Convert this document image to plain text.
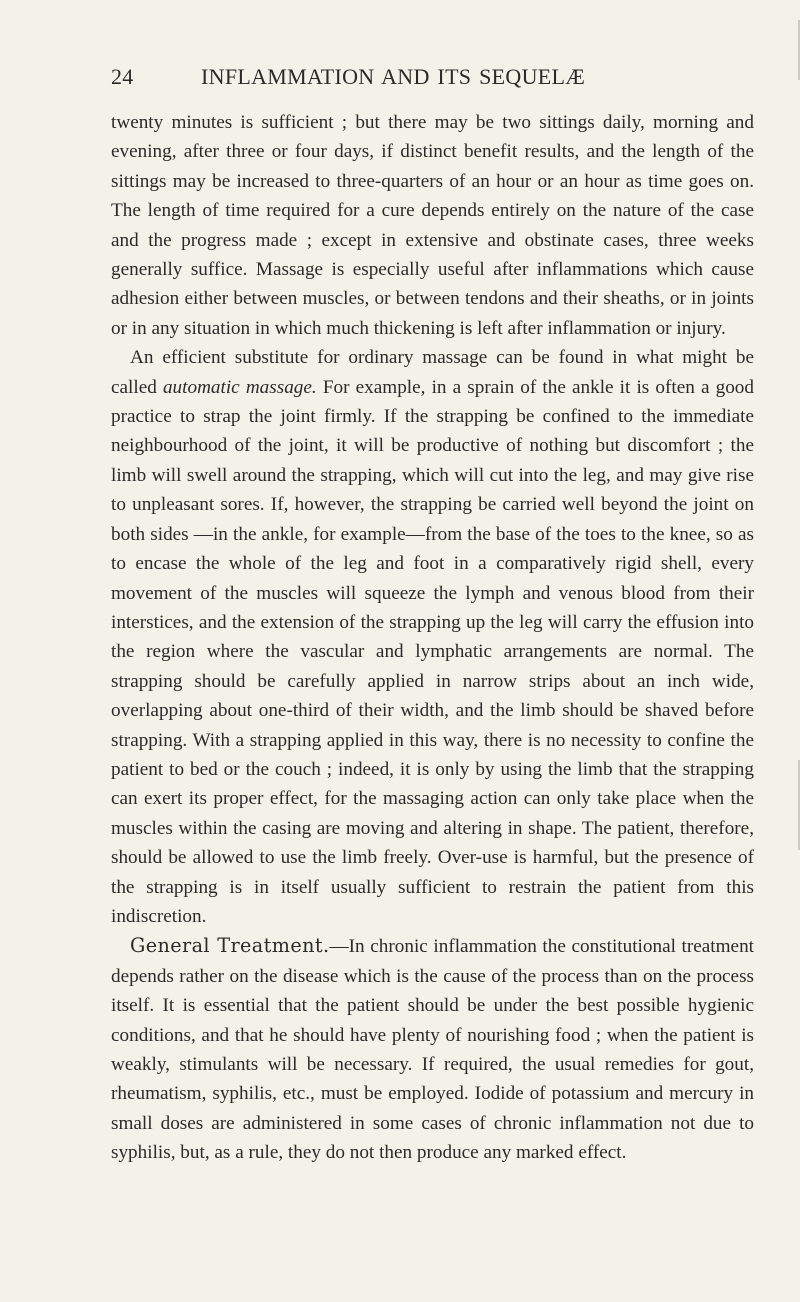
24	INFLAMMATION AND ITS SEQUELÆ

twenty minutes is sufficient ; but there may be two sittings daily, morning and evening, after three or four days, if distinct benefit results, and the length of the sittings may be increased to three-quarters of an hour or an hour as time goes on. The length of time required for a cure depends entirely on the nature of the case and the progress made ; except in extensive and obstinate cases, three weeks generally suffice. Massage is especially useful after inflammations which cause adhesion either between muscles, or between tendons and their sheaths, or in joints or in any situation in which much thickening is left after inflammation or injury.

An efficient substitute for ordinary massage can be found in what might be called automatic massage. For example, in a sprain of the ankle it is often a good practice to strap the joint firmly. If the strapping be confined to the immediate neighbourhood of the joint, it will be productive of nothing but discomfort ; the limb will swell around the strapping, which will cut into the leg, and may give rise to unpleasant sores. If, however, the strapping be carried well beyond the joint on both sides —in the ankle, for example—from the base of the toes to the knee, so as to encase the whole of the leg and foot in a comparatively rigid shell, every movement of the muscles will squeeze the lymph and venous blood from their interstices, and the extension of the strapping up the leg will carry the effusion into the region where the vascular and lymphatic arrangements are normal. The strapping should be carefully applied in narrow strips about an inch wide, overlapping about one-third of their width, and the limb should be shaved before strapping. With a strapping applied in this way, there is no necessity to confine the patient to bed or the couch ; indeed, it is only by using the limb that the strapping can exert its proper effect, for the massaging action can only take place when the muscles within the casing are moving and altering in shape. The patient, therefore, should be allowed to use the limb freely. Over-use is harmful, but the presence of the strapping is in itself usually sufficient to restrain the patient from this indiscretion.

General Treatment.—In chronic inflammation the constitutional treatment depends rather on the disease which is the cause of the process than on the process itself. It is essential that the patient should be under the best possible hygienic conditions, and that he should have plenty of nourishing food ; when the patient is weakly, stimulants will be necessary. If required, the usual remedies for gout, rheumatism, syphilis, etc., must be employed. Iodide of potassium and mercury in small doses are administered in some cases of chronic inflammation not due to syphilis, but, as a rule, they do not then produce any marked effect.
